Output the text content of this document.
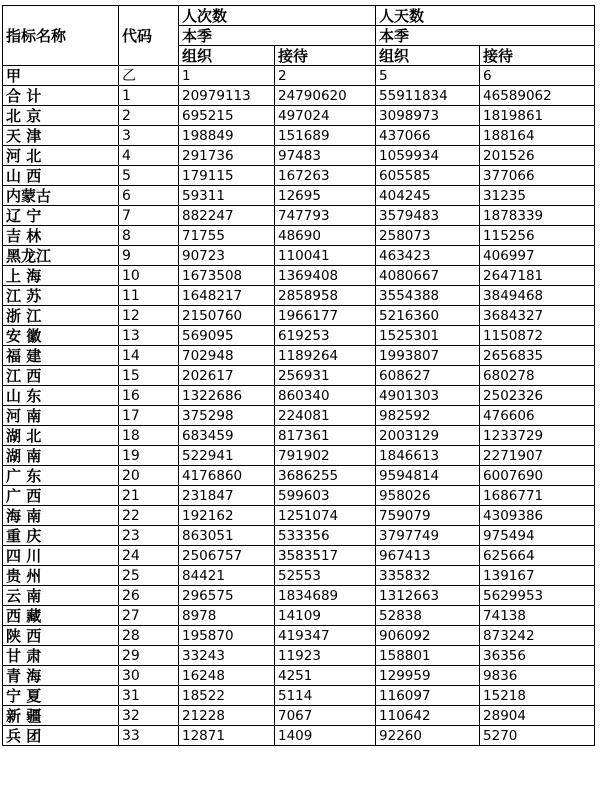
指标名称	代码	人次数		人天数	
		本季		本季	
		组织	接待	组织	接待
甲	乙	1	2	5	6
合 计	1	20979113	24790620	55911834	46589062
北 京	2	695215	497024	3098973	1819861
天 津	3	198849	151689	437066	188164
河 北	4	291736	97483	1059934	201526
山 西	5	179115	167263	605585	377066
内蒙古	6	59311	12695	404245	31235
辽 宁	7	882247	747793	3579483	1878339
吉 林	8	71755	48690	258073	115256
黑龙江	9	90723	110041	463423	406997
上 海	10	1673508	1369408	4080667	2647181
江 苏	11	1648217	2858958	3554388	3849468
浙 江	12	2150760	1966177	5216360	3684327
安 徽	13	569095	619253	1525301	1150872
福 建	14	702948	1189264	1993807	2656835
江 西	15	202617	256931	608627	680278
山 东	16	1322686	860340	4901303	2502326
河 南	17	375298	224081	982592	476606
湖 北	18	683459	817361	2003129	1233729
湖 南	19	522941	791902	1846613	2271907
广 东	20	4176860	3686255	9594814	6007690
广 西	21	231847	599603	958026	1686771
海 南	22	192162	1251074	759079	4309386
重 庆	23	863051	533356	3797749	975494
四 川	24	2506757	3583517	967413	625664
贵 州	25	84421	52553	335832	139167
云 南	26	296575	1834689	1312663	5629953
西 藏	27	8978	14109	52838	74138
陕 西	28	195870	419347	906092	873242
甘 肃	29	33243	11923	158801	36356
青 海	30	16248	4251	129959	9836
宁 夏	31	18522	5114	116097	15218
新 疆	32	21228	7067	110642	28904
兵 团	33	12871	1409	92260	5270
